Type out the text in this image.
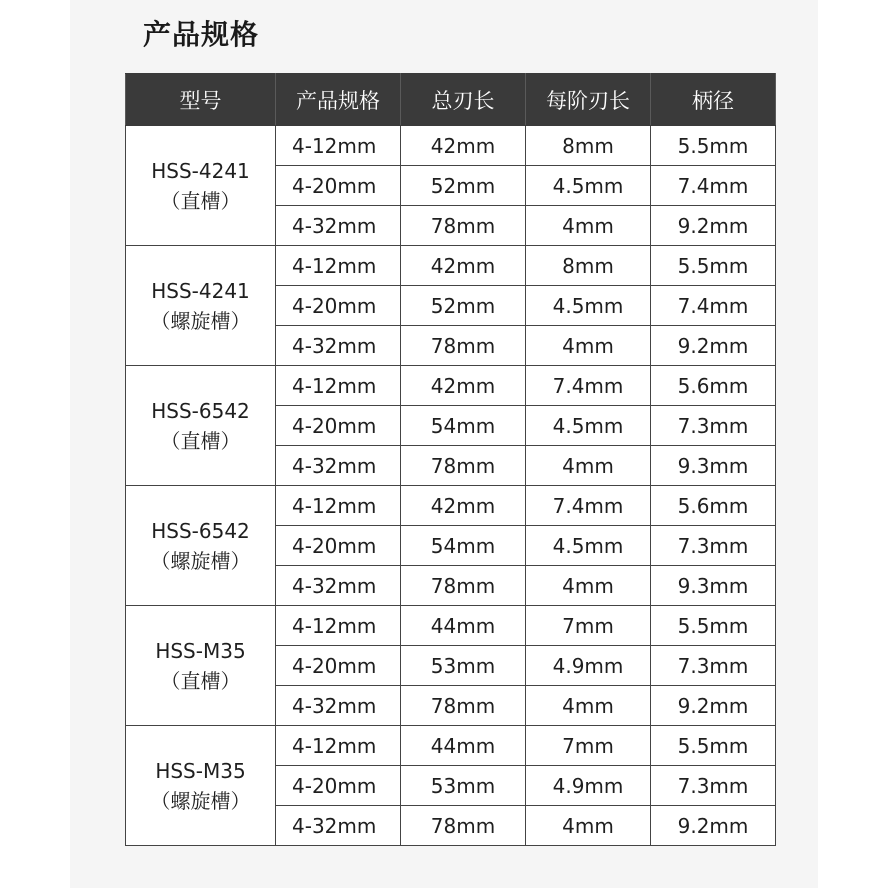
产品规格
型号	产品规格	总刃长	每阶刃长	柄径

HSS-4241
（直槽）	4-12mm	42mm	8mm	5.5mm
	4-20mm	52mm	4.5mm	7.4mm
	4-32mm	78mm	4mm	9.2mm

HSS-4241
（螺旋槽）	4-12mm	42mm	8mm	5.5mm
	4-20mm	52mm	4.5mm	7.4mm
	4-32mm	78mm	4mm	9.2mm

HSS-6542
（直槽）	4-12mm	42mm	7.4mm	5.6mm
	4-20mm	54mm	4.5mm	7.3mm
	4-32mm	78mm	4mm	9.3mm

HSS-6542
（螺旋槽）	4-12mm	42mm	7.4mm	5.6mm
	4-20mm	54mm	4.5mm	7.3mm
	4-32mm	78mm	4mm	9.3mm

HSS-M35
（直槽）	4-12mm	44mm	7mm	5.5mm
	4-20mm	53mm	4.9mm	7.3mm
	4-32mm	78mm	4mm	9.2mm

HSS-M35
（螺旋槽）	4-12mm	44mm	7mm	5.5mm
	4-20mm	53mm	4.9mm	7.3mm
	4-32mm	78mm	4mm	9.2mm
